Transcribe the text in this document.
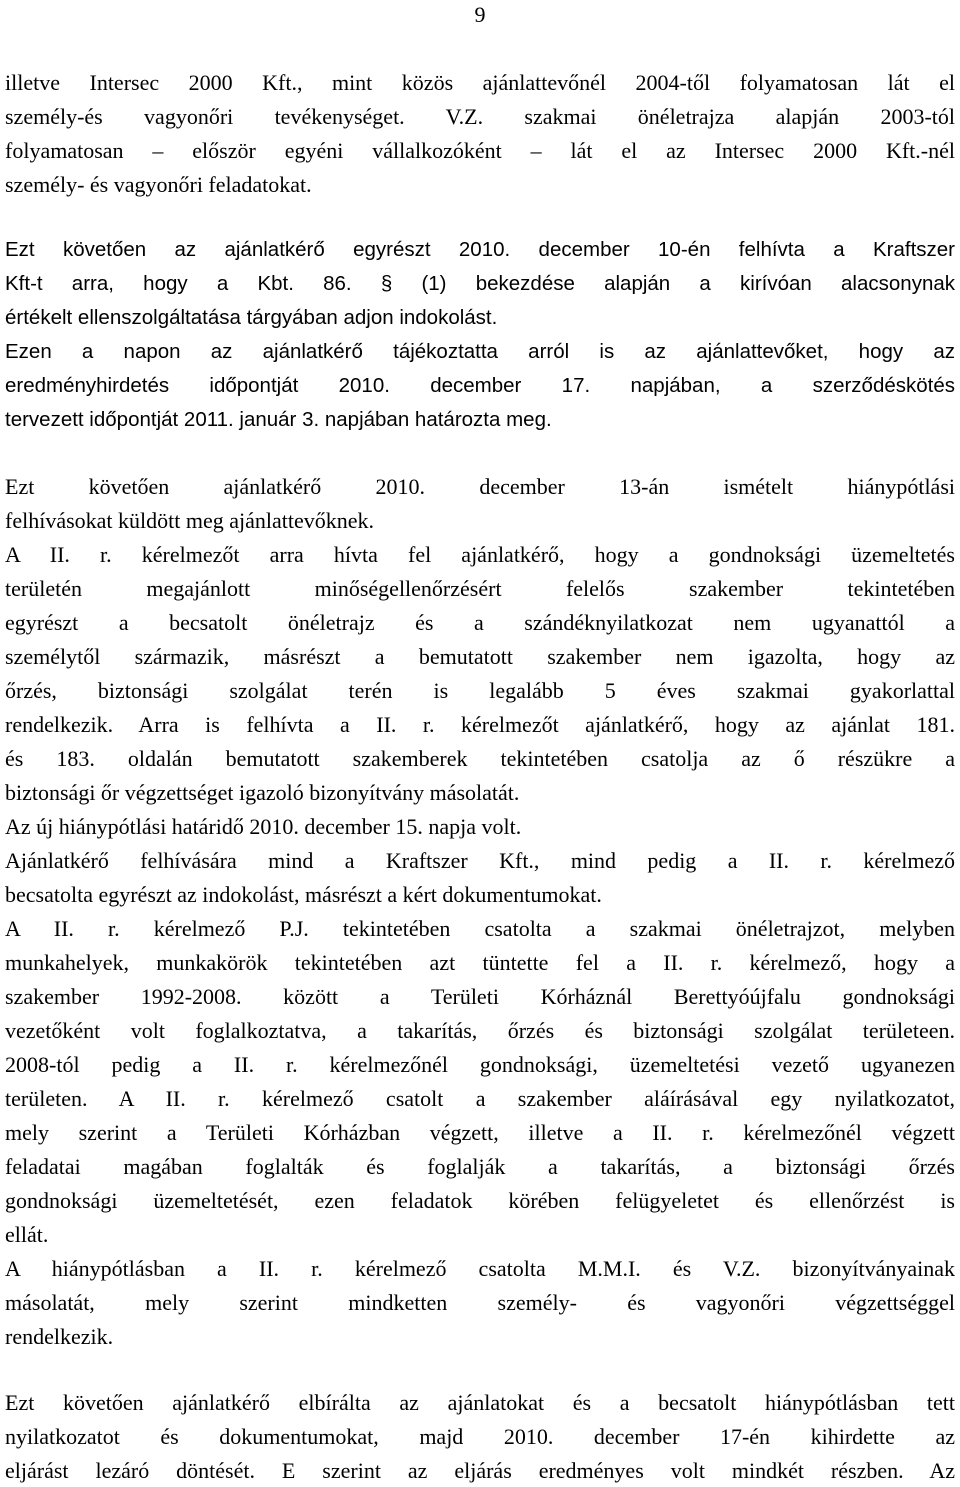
9
illetve Intersec 2000 Kft., mint közös ajánlattevőnél 2004-től folyamatosan lát el
személy-és vagyonőri tevékenységet. V.Z. szakmai önéletrajza alapján 2003-tól
folyamatosan – először egyéni vállalkozóként – lát el az Intersec 2000 Kft.-nél
személy- és vagyonőri feladatokat.
Ezt követően az ajánlatkérő egyrészt 2010. december 10-én felhívta a Kraftszer
Kft-t arra, hogy a Kbt. 86. § (1) bekezdése alapján a kirívóan alacsonynak
értékelt ellenszolgáltatása tárgyában adjon indokolást.
Ezen a napon az ajánlatkérő tájékoztatta arról is az ajánlattevőket, hogy az
eredményhirdetés időpontját 2010. december 17. napjában, a szerződéskötés
tervezett időpontját 2011. január 3. napjában határozta meg.
Ezt követően ajánlatkérő 2010. december 13-án ismételt hiánypótlási
felhívásokat küldött meg ajánlattevőknek.
A II. r. kérelmezőt arra hívta fel ajánlatkérő, hogy a gondnoksági üzemeltetés
területén megajánlott minőségellenőrzésért felelős szakember tekintetében
egyrészt a becsatolt önéletrajz és a szándéknyilatkozat nem ugyanattól a
személytől származik, másrészt a bemutatott szakember nem igazolta, hogy az
őrzés, biztonsági szolgálat terén is legalább 5 éves szakmai gyakorlattal
rendelkezik. Arra is felhívta a II. r. kérelmezőt ajánlatkérő, hogy az ajánlat 181.
és 183. oldalán bemutatott szakemberek tekintetében csatolja az ő részükre a
biztonsági őr végzettséget igazoló bizonyítvány másolatát.
Az új hiánypótlási határidő 2010. december 15. napja volt.
Ajánlatkérő felhívására mind a Kraftszer Kft., mind pedig a II. r. kérelmező
becsatolta egyrészt az indokolást, másrészt a kért dokumentumokat.
A II. r. kérelmező P.J. tekintetében csatolta a szakmai önéletrajzot, melyben
munkahelyek, munkakörök tekintetében azt tüntette fel a II. r. kérelmező, hogy a
szakember 1992-2008. között a Területi Kórháznál Berettyóújfalu gondnoksági
vezetőként volt foglalkoztatva, a takarítás, őrzés és biztonsági szolgálat területeen.
2008-tól pedig a II. r. kérelmezőnél gondnoksági, üzemeltetési vezető ugyanezen
területen. A II. r. kérelmező csatolt a szakember aláírásával egy nyilatkozatot,
mely szerint a Területi Kórházban végzett, illetve a II. r. kérelmezőnél végzett
feladatai magában foglalták és foglalják a takarítás, a biztonsági őrzés
gondnoksági üzemeltetését, ezen feladatok körében felügyeletet és ellenőrzést is
ellát.
A hiánypótlásban a II. r. kérelmező csatolta M.M.I. és V.Z. bizonyítványainak
másolatát, mely szerint mindketten személy- és vagyonőri végzettséggel
rendelkezik.
Ezt követően ajánlatkérő elbírálta az ajánlatokat és a becsatolt hiánypótlásban tett
nyilatkozatot és dokumentumokat, majd 2010. december 17-én kihirdette az
eljárást lezáró döntését. E szerint az eljárás eredményes volt mindkét részben. Az
